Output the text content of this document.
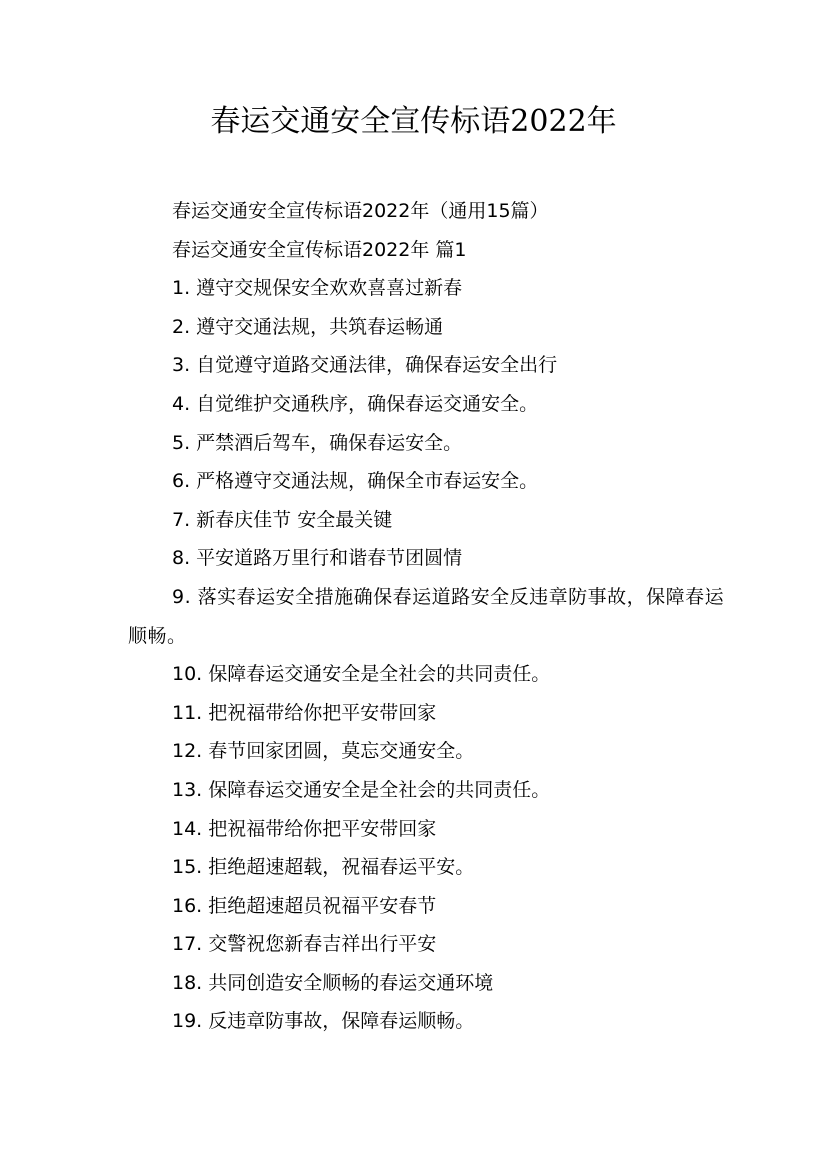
春运交通安全宣传标语2022年

春运交通安全宣传标语2022年（通用15篇）

春运交通安全宣传标语2022年 篇1

1. 遵守交规保安全欢欢喜喜过新春

2. 遵守交通法规，共筑春运畅通

3. 自觉遵守道路交通法律，确保春运安全出行

4. 自觉维护交通秩序，确保春运交通安全。

5. 严禁酒后驾车，确保春运安全。

6. 严格遵守交通法规，确保全市春运安全。

7. 新春庆佳节 安全最关键

8. 平安道路万里行和谐春节团圆情

9. 落实春运安全措施确保春运道路安全反违章防事故，保障春运顺畅。

10. 保障春运交通安全是全社会的共同责任。

11. 把祝福带给你把平安带回家

12. 春节回家团圆，莫忘交通安全。

13. 保障春运交通安全是全社会的共同责任。

14. 把祝福带给你把平安带回家

15. 拒绝超速超载，祝福春运平安。

16. 拒绝超速超员祝福平安春节

17. 交警祝您新春吉祥出行平安

18. 共同创造安全顺畅的春运交通环境

19. 反违章防事故，保障春运顺畅。
